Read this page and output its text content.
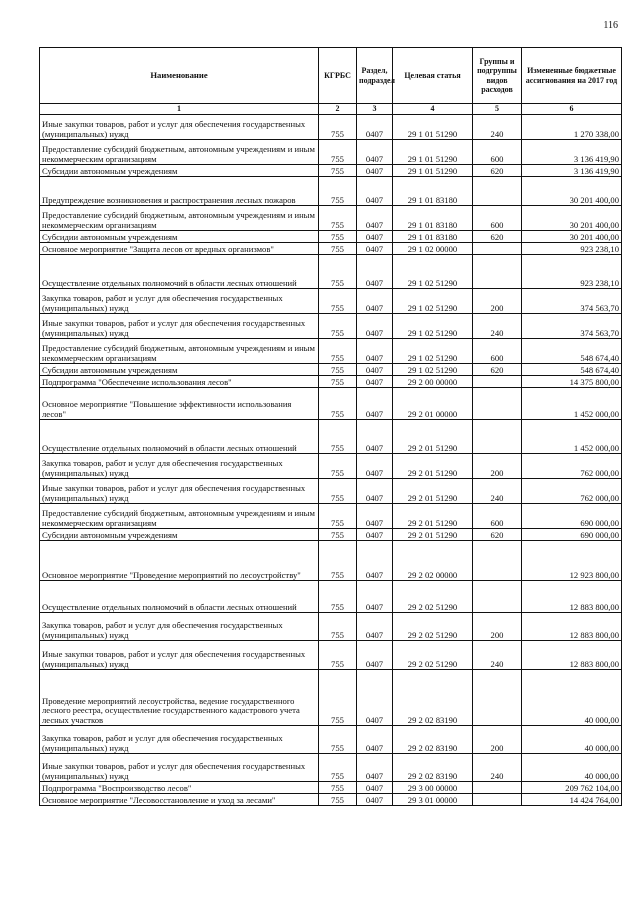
116
Наименование	КГРБС	Раздел, подраздел	Целевая статья	Группы и подгруппы видов расходов	Измененные бюджетные ассигнования на 2017 год
1	2	3	4	5	6
Иные закупки товаров, работ и услуг для обеспечения государственных (муниципальных) нужд	755	0407	29 1 01 51290	240	1 270 338,00
Предоставление субсидий бюджетным, автономным учреждениям и иным некоммерческим организациям	755	0407	29 1 01 51290	600	3 136 419,90
Субсидии автономным учреждениям	755	0407	29 1 01 51290	620	3 136 419,90
Предупреждение возникновения и распространения лесных пожаров	755	0407	29 1 01 83180		30 201 400,00
Предоставление субсидий бюджетным, автономным учреждениям и иным некоммерческим организациям	755	0407	29 1 01 83180	600	30 201 400,00
Субсидии автономным учреждениям	755	0407	29 1 01 83180	620	30 201 400,00
Основное мероприятие "Защита лесов от вредных организмов"	755	0407	29 1 02 00000		923 238,10
Осуществление отдельных полномочий в области лесных отношений	755	0407	29 1 02 51290		923 238,10
Закупка товаров, работ и услуг для обеспечения государственных (муниципальных) нужд	755	0407	29 1 02 51290	200	374 563,70
Иные закупки товаров, работ и услуг для обеспечения государственных (муниципальных) нужд	755	0407	29 1 02 51290	240	374 563,70
Предоставление субсидий бюджетным, автономным учреждениям и иным некоммерческим организациям	755	0407	29 1 02 51290	600	548 674,40
Субсидии автономным учреждениям	755	0407	29 1 02 51290	620	548 674,40
Подпрограмма "Обеспечение использования лесов"	755	0407	29 2 00 00000		14 375 800,00
Основное мероприятие "Повышение эффективности использования лесов"	755	0407	29 2 01 00000		1 452 000,00
Осуществление отдельных полномочий в области лесных отношений	755	0407	29 2 01 51290		1 452 000,00
Закупка товаров, работ и услуг для обеспечения государственных (муниципальных) нужд	755	0407	29 2 01 51290	200	762 000,00
Иные закупки товаров, работ и услуг для обеспечения государственных (муниципальных) нужд	755	0407	29 2 01 51290	240	762 000,00
Предоставление субсидий бюджетным, автономным учреждениям и иным некоммерческим организациям	755	0407	29 2 01 51290	600	690 000,00
Субсидии автономным учреждениям	755	0407	29 2 01 51290	620	690 000,00
Основное мероприятие "Проведение мероприятий по лесоустройству"	755	0407	29 2 02 00000		12 923 800,00
Осуществление отдельных полномочий в области лесных отношений	755	0407	29 2 02 51290		12 883 800,00
Закупка товаров, работ и услуг для обеспечения государственных (муниципальных) нужд	755	0407	29 2 02 51290	200	12 883 800,00
Иные закупки товаров, работ и услуг для обеспечения государственных (муниципальных) нужд	755	0407	29 2 02 51290	240	12 883 800,00
Проведение мероприятий лесоустройства, ведение государственного лесного реестра, осуществление государственного кадастрового учета лесных участков	755	0407	29 2 02 83190		40 000,00
Закупка товаров, работ и услуг для обеспечения государственных (муниципальных) нужд	755	0407	29 2 02 83190	200	40 000,00
Иные закупки товаров, работ и услуг для обеспечения государственных (муниципальных) нужд	755	0407	29 2 02 83190	240	40 000,00
Подпрограмма "Воспроизводство лесов"	755	0407	29 3 00 00000		209 762 104,00
Основное мероприятие "Лесовосстановление и уход за лесами"	755	0407	29 3 01 00000		14 424 764,00
